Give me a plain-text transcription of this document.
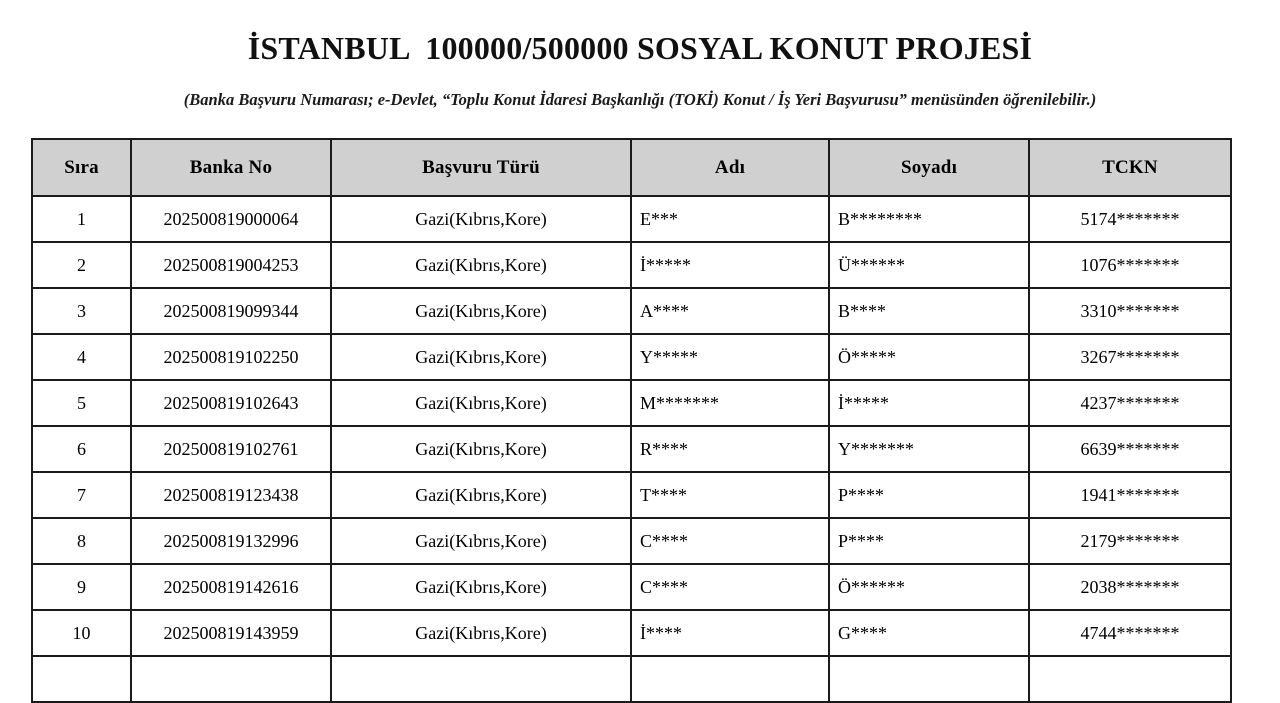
İSTANBUL  100000/500000 SOSYAL KONUT PROJESİ

(Banka Başvuru Numarası; e-Devlet, “Toplu Konut İdaresi Başkanlığı (TOKİ) Konut / İş Yeri Başvurusu” menüsünden öğrenilebilir.)

Sıra	Banka No	Başvuru Türü	Adı	Soyadı	TCKN
1	202500819000064	Gazi(Kıbrıs,Kore)	E***	B********	5174*******
2	202500819004253	Gazi(Kıbrıs,Kore)	İ*****	Ü******	1076*******
3	202500819099344	Gazi(Kıbrıs,Kore)	A****	B****	3310*******
4	202500819102250	Gazi(Kıbrıs,Kore)	Y*****	Ö*****	3267*******
5	202500819102643	Gazi(Kıbrıs,Kore)	M*******	İ*****	4237*******
6	202500819102761	Gazi(Kıbrıs,Kore)	R****	Y*******	6639*******
7	202500819123438	Gazi(Kıbrıs,Kore)	T****	P****	1941*******
8	202500819132996	Gazi(Kıbrıs,Kore)	C****	P****	2179*******
9	202500819142616	Gazi(Kıbrıs,Kore)	C****	Ö******	2038*******
10	202500819143959	Gazi(Kıbrıs,Kore)	İ****	G****	4744*******
